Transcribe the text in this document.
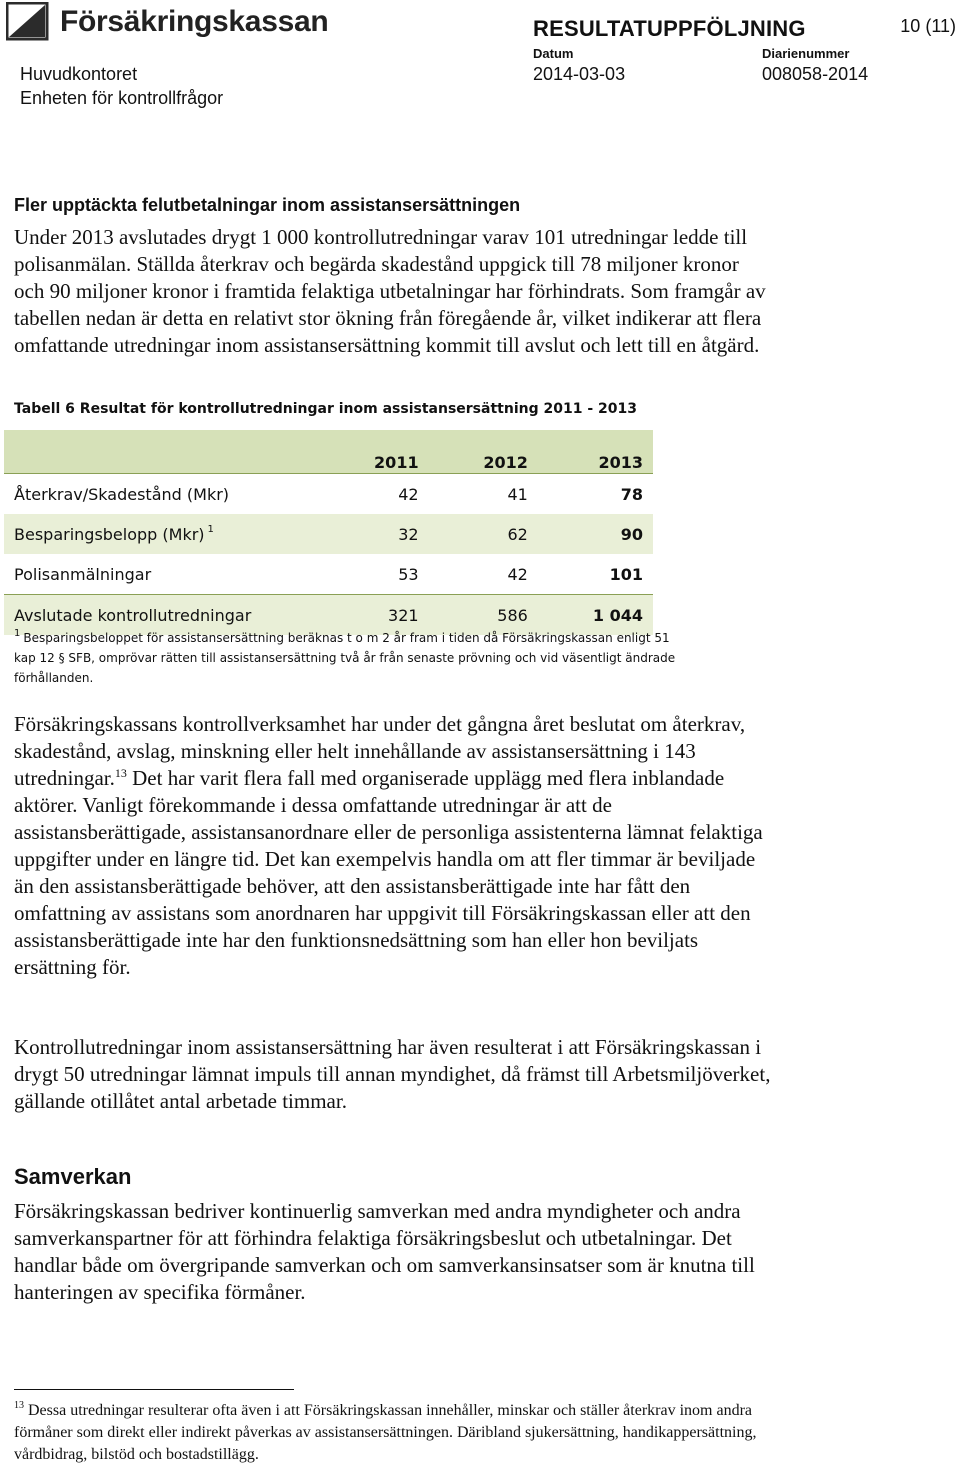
Försäkringskassan	RESULTATUPPFÖLJNING	10 (11)
Datum
2014-03-03
Diarienummer
008058-2014
Huvudkontoret
Enheten för kontrollfrågor
Fler upptäckta felutbetalningar inom assistansersättningen

Under 2013 avslutades drygt 1 000 kontrollutredningar varav 101 utredningar ledde till polisanmälan. Ställda återkrav och begärda skadestånd uppgick till 78 miljoner kronor och 90 miljoner kronor i framtida felaktiga utbetalningar har förhindrats. Som framgår av tabellen nedan är detta en relativt stor ökning från föregående år, vilket indikerar att flera omfattande utredningar inom assistansersättning kommit till avslut och lett till en åtgärd.

Tabell 6 Resultat för kontrollutredningar inom assistansersättning 2011 - 2013
2011	2012	2013
Återkrav/Skadestånd (Mkr)	42	41	78
Besparingsbelopp (Mkr) $^1$	32	62	90
Polisanmälningar	53	42	101
Avslutade kontrollutredningar	321	586	1 044

$^1$ Besparingsbeloppet för assistansersättning beräknas t o m 2 år fram i tiden då Försäkringskassan enligt 51 kap 12 § SFB, omprövar rätten till assistansersättning två år från senaste prövning och vid väsentligt ändrade förhållanden.

Försäkringskassans kontrollverksamhet har under det gångna året beslutat om återkrav, skadestånd, avslag, minskning eller helt innehållande av assistansersättning i 143 utredningar.$^{13}$ Det har varit flera fall med organiserade upplägg med flera inblandade aktörer. Vanligt förekommande i dessa omfattande utredningar är att de assistansberättigade, assistansanordnare eller de personliga assistenterna lämnat felaktiga uppgifter under en längre tid. Det kan exempelvis handla om att fler timmar är beviljade än den assistansberättigade behöver, att den assistansberättigade inte har fått den omfattning av assistans som anordnaren har uppgivit till Försäkringskassan eller att den assistansberättigade inte har den funktionsnedsättning som han eller hon beviljats ersättning för.

Kontrollutredningar inom assistansersättning har även resulterat i att Försäkringskassan i drygt 50 utredningar lämnat impuls till annan myndighet, då främst till Arbetsmiljöverket, gällande otillåtet antal arbetade timmar.

Samverkan

Försäkringskassan bedriver kontinuerlig samverkan med andra myndigheter och andra samverkanspartner för att förhindra felaktiga försäkringsbeslut och utbetalningar. Det handlar både om övergripande samverkan och om samverkansinsatser som är knutna till hanteringen av specifika förmåner.

$^{13}$ Dessa utredningar resulterar ofta även i att Försäkringskassan innehåller, minskar och ställer återkrav inom andra förmåner som direkt eller indirekt påverkas av assistansersättningen. Däribland sjukersättning, handikappersättning, vårdbidrag, bilstöd och bostadstillägg.
